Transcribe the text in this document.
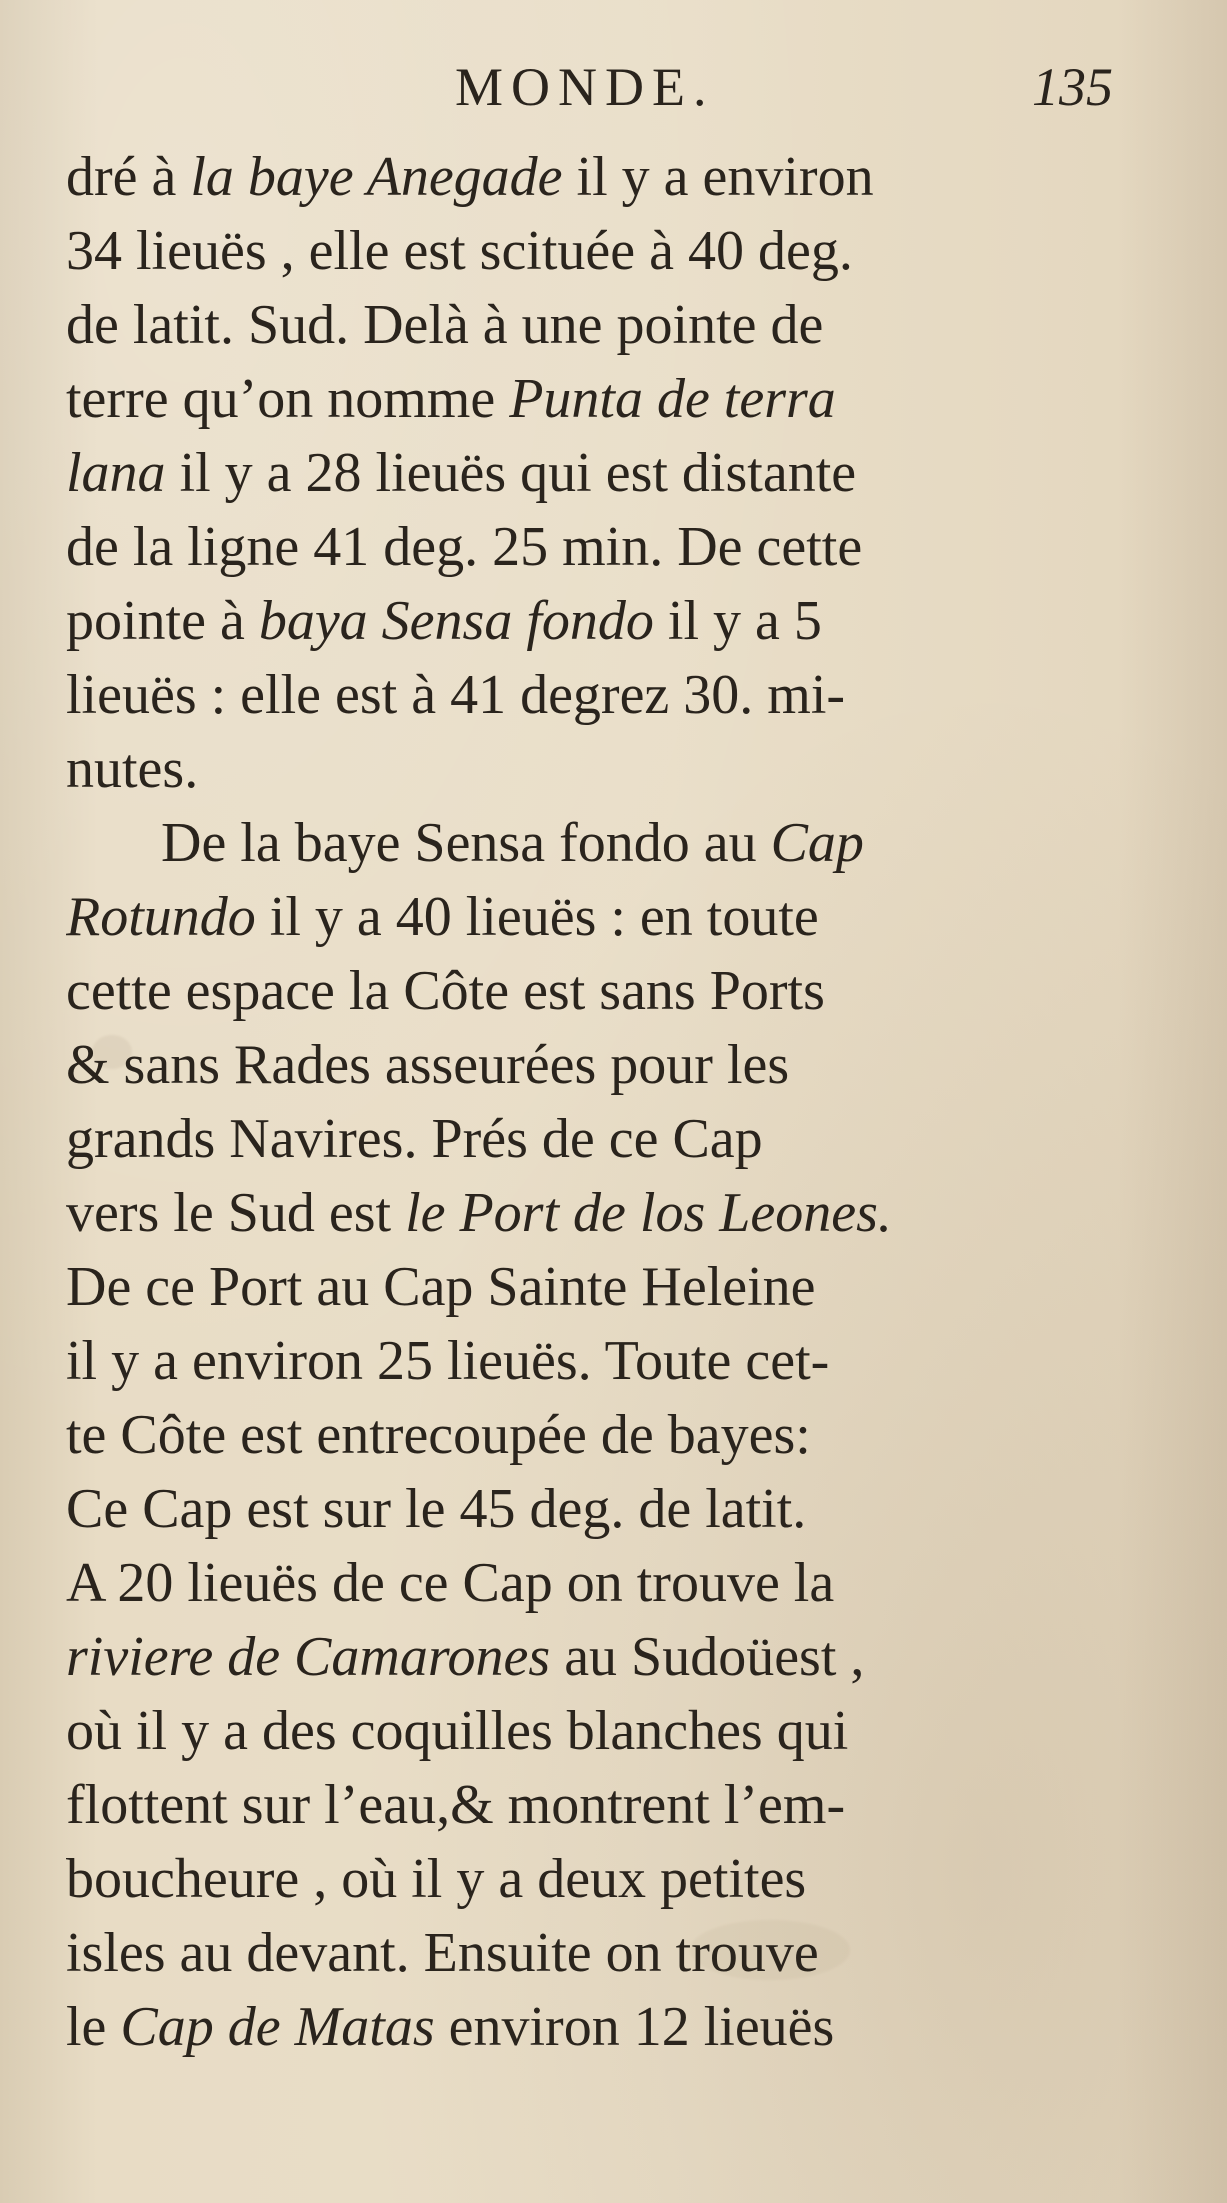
MONDE.	135
dré à la baye Anegade il y a environ
34 lieuës , elle est scituée à 40 deg.
de latit. Sud. Delà à une pointe de
terre qu’on nomme Punta de terra
lana il y a 28 lieuës qui est distante
de la ligne 41 deg. 25 min. De cette
pointe à baya Sensa fondo il y a 5
lieuës : elle est à 41 degrez 30. mi-
nutes.
De la baye Sensa fondo au Cap
Rotundo il y a 40 lieuës : en toute
cette espace la Côte est sans Ports
& sans Rades asseurées pour les
grands Navires. Prés de ce Cap
vers le Sud est le Port de los Leones.
De ce Port au Cap Sainte Heleine
il y a environ 25 lieuës. Toute cet-
te Côte est entrecoupée de bayes:
Ce Cap est sur le 45 deg. de latit.
A 20 lieuës de ce Cap on trouve la
riviere de Camarones au Sudoüest ,
où il y a des coquilles blanches qui
flottent sur l’eau,& montrent l’em-
boucheure , où il y a deux petites
isles au devant. Ensuite on trouve
le Cap de Matas environ 12 lieuës
